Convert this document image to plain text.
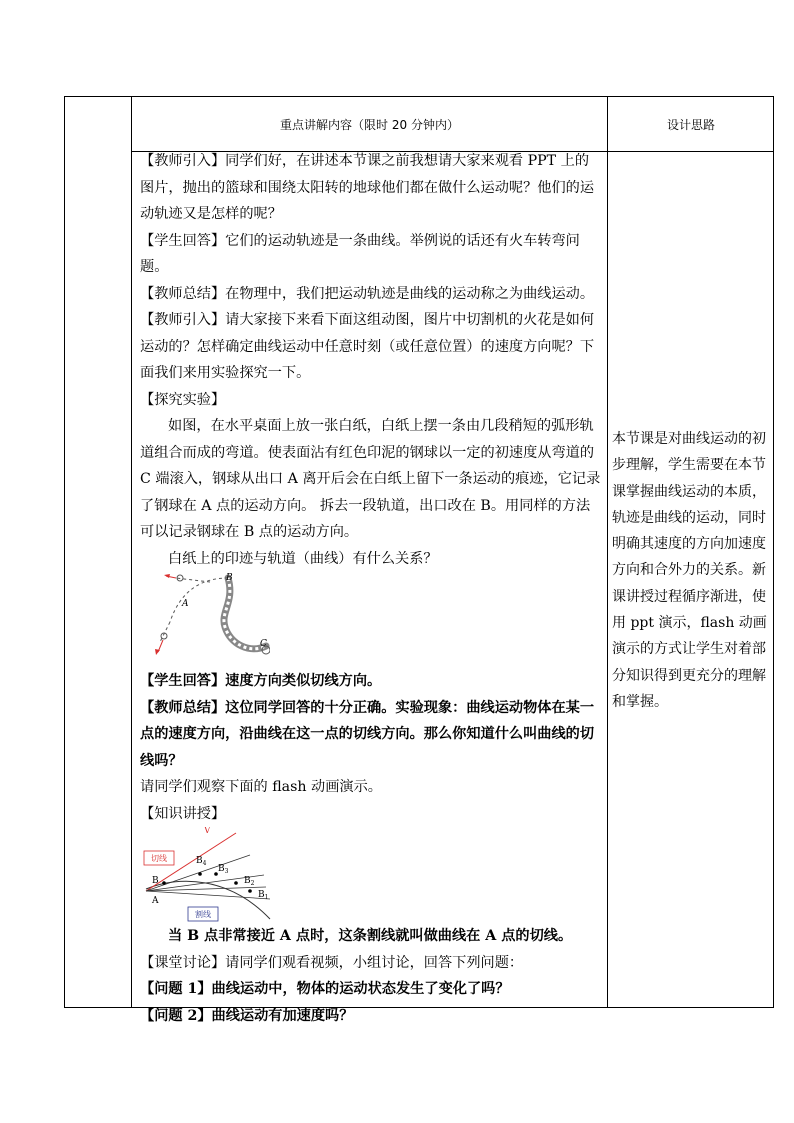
重点讲解内容（限时 20 分钟内）	设计思路

【教师引入】同学们好，在讲述本节课之前我想请大家来观看 PPT 上的图片，抛出的篮球和围绕太阳转的地球他们都在做什么运动呢？他们的运动轨迹又是怎样的呢？

【学生回答】它们的运动轨迹是一条曲线。举例说的话还有火车转弯问题。

【教师总结】在物理中，我们把运动轨迹是曲线的运动称之为曲线运动。

【教师引入】请大家接下来看下面这组动图，图片中切割机的火花是如何运动的？怎样确定曲线运动中任意时刻（或任意位置）的速度方向呢？下面我们来用实验探究一下。

【探究实验】

如图，在水平桌面上放一张白纸，白纸上摆一条由几段稍短的弧形轨道组合而成的弯道。使表面沾有红色印泥的钢球以一定的初速度从弯道的 C 端滚入，钢球从出口 A 离开后会在白纸上留下一条运动的痕迹，它记录了钢球在 A 点的运动方向。 拆去一段轨道，出口改在 B。用同样的方法可以记录钢球在 B 点的运动方向。

白纸上的印迹与轨道（曲线）有什么关系？

B
A
C

【学生回答】速度方向类似切线方向。

【教师总结】这位同学回答的十分正确。实验现象：曲线运动物体在某一点的速度方向，沿曲线在这一点的切线方向。那么你知道什么叫曲线的切线吗？

请同学们观察下面的 flash 动画演示。

【知识讲授】

切线
割线
V
B
A
$B_4$
$B_3$
$B_2$
$B_1$

当 B 点非常接近 A 点时，这条割线就叫做曲线在 A 点的切线。

【课堂讨论】请同学们观看视频，小组讨论，回答下列问题：

【问题 1】曲线运动中，物体的运动状态发生了变化了吗？

【问题 2】曲线运动有加速度吗？

本节课是对曲线运动的初步理解，学生需要在本节课掌握曲线运动的本质，轨迹是曲线的运动，同时明确其速度的方向加速度方向和合外力的关系。新课讲授过程循序渐进，使用 ppt 演示，flash 动画演示的方式让学生对着部分知识得到更充分的理解和掌握。
